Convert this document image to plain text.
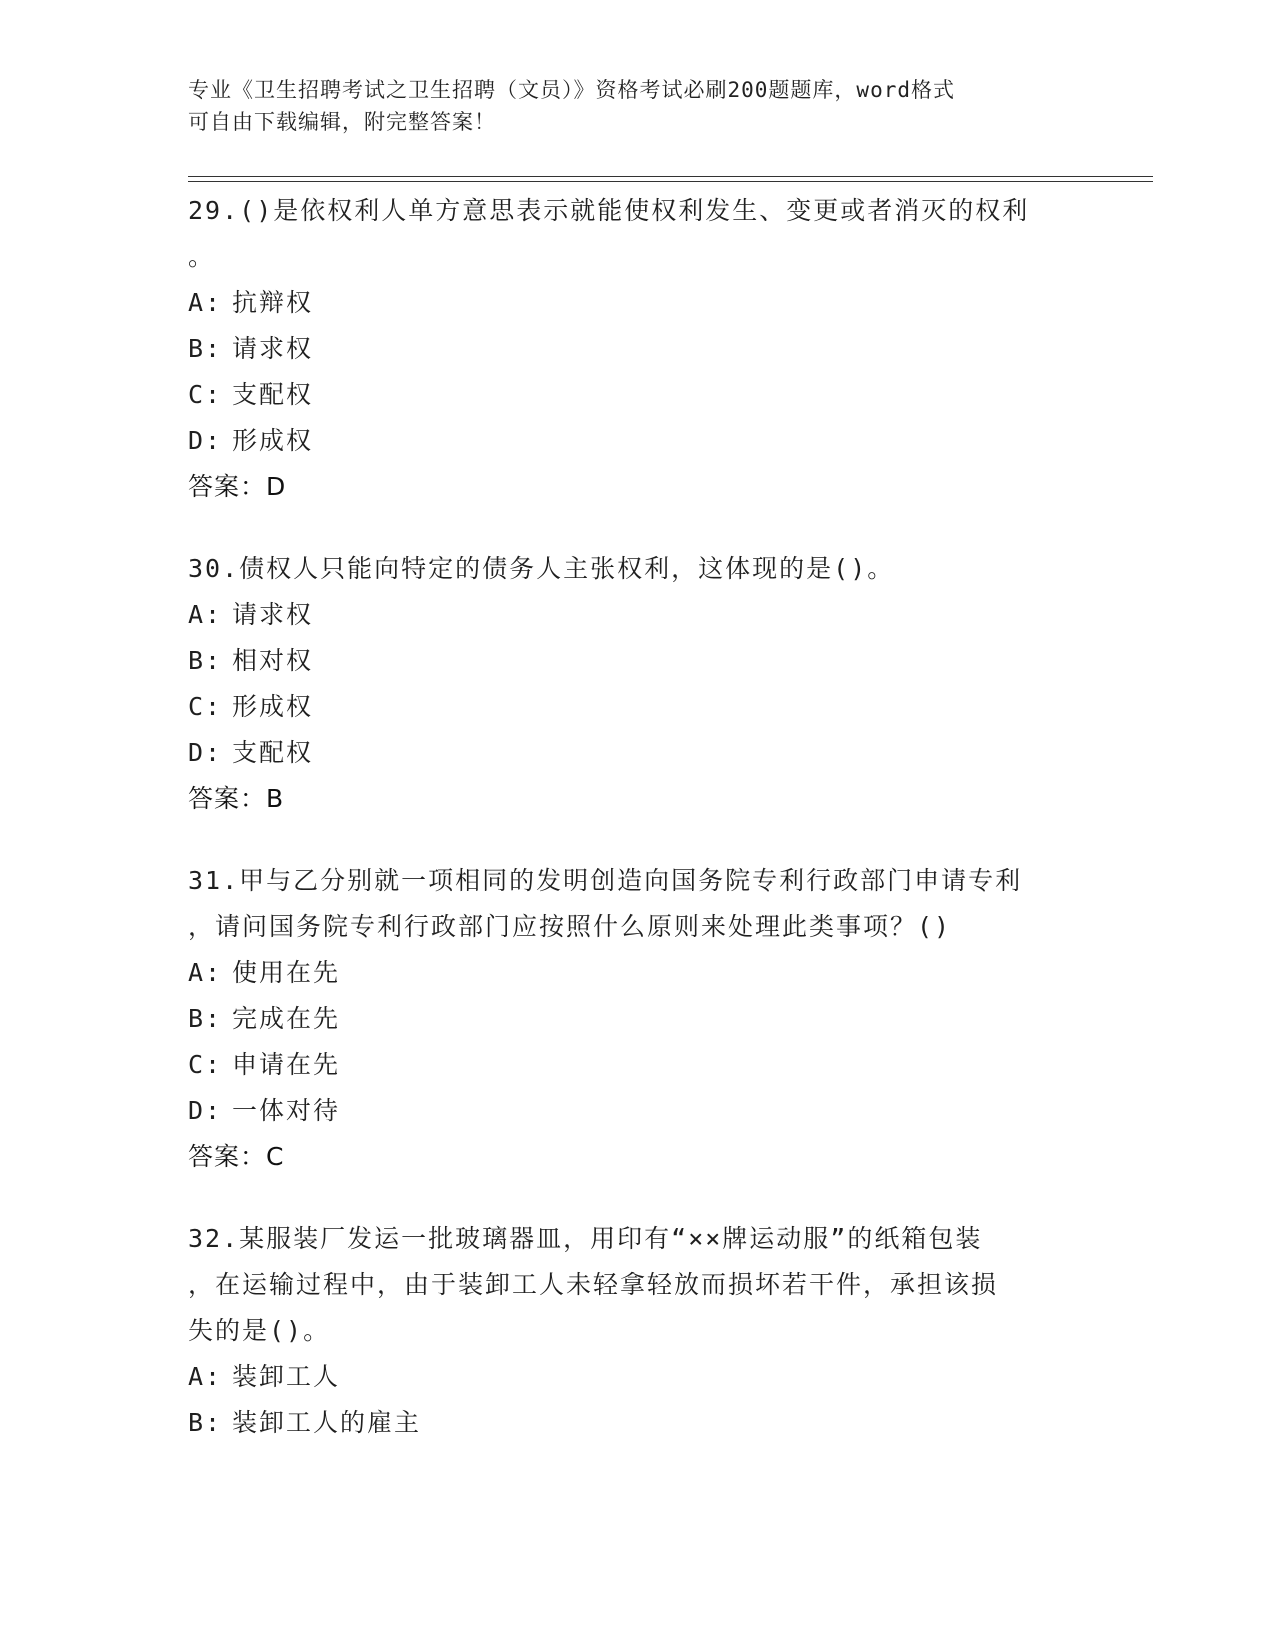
专业《卫生招聘考试之卫生招聘（文员）》资格考试必刷200题题库，word格式
可自由下载编辑，附完整答案！
29.()是依权利人单方意思表示就能使权利发生、变更或者消灭的权利
。
A: 抗辩权
B: 请求权
C: 支配权
D: 形成权
答案：D
30.债权人只能向特定的债务人主张权利，这体现的是()。
A: 请求权
B: 相对权
C: 形成权
D: 支配权
答案：B
31.甲与乙分别就一项相同的发明创造向国务院专利行政部门申请专利
，请问国务院专利行政部门应按照什么原则来处理此类事项？()
A: 使用在先
B: 完成在先
C: 申请在先
D: 一体对待
答案：C
32.某服装厂发运一批玻璃器皿，用印有“××牌运动服”的纸箱包装
，在运输过程中，由于装卸工人未轻拿轻放而损坏若干件，承担该损
失的是()。
A: 装卸工人
B: 装卸工人的雇主
